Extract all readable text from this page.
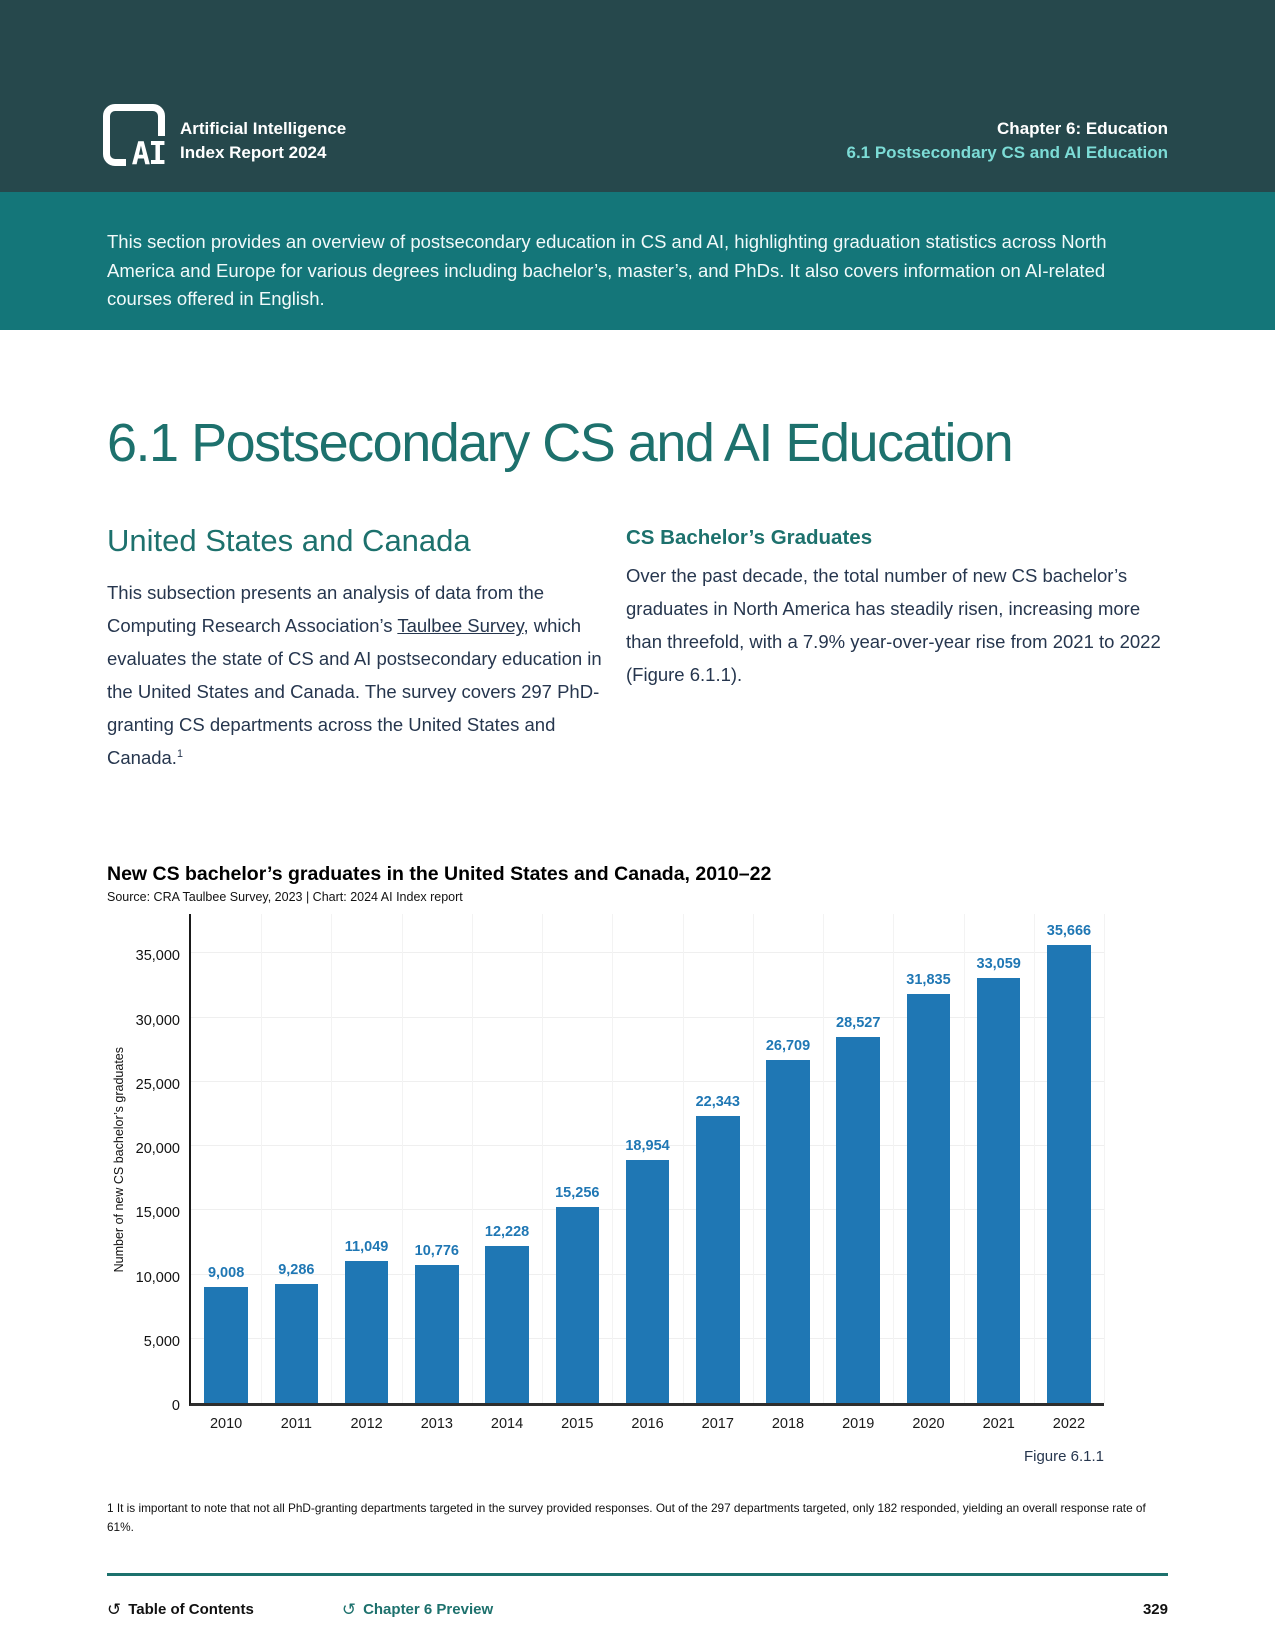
AI
Artificial Intelligence
Index Report 2024
Chapter 6: Education
6.1 Postsecondary CS and AI Education
This section provides an overview of postsecondary education in CS and AI, highlighting graduation statistics across North America and Europe for various degrees including bachelor’s, master’s, and PhDs. It also covers information on AI-related courses offered in English.
6.1 Postsecondary CS and AI Education
United States and Canada

This subsection presents an analysis of data from the Computing Research Association’s Taulbee Survey, which evaluates the state of CS and AI postsecondary education in the United States and Canada. The survey covers 297 PhD-granting CS departments across the United States and Canada.$^1$

CS Bachelor’s Graduates

Over the past decade, the total number of new CS bachelor’s graduates in North America has steadily risen, increasing more than threefold, with a 7.9% year-over-year rise from 2021 to 2022 (Figure 6.1.1).

New CS bachelor’s graduates in the United States and Canada, 2010–22
Source: CRA Taulbee Survey, 2023 | Chart: 2024 AI Index report
Number of new CS bachelor’s graduates
0
5,000
10,000
15,000
20,000
25,000
30,000
35,000
9,008 9,286
11,049 10,776
12,228
15,256
18,954
22,343
26,709
28,527
31,835
33,059
35,666
2010	2011	2012	2013	2014	2015	2016	2017	2018	2019	2020	2021	2022
Figure 6.1.1
1 It is important to note that not all PhD-granting departments targeted in the survey provided responses. Out of the 297 departments targeted, only 182 responded, yielding an overall response rate of 61%.
↺ Table of Contents	↺ Chapter 6 Preview	329
